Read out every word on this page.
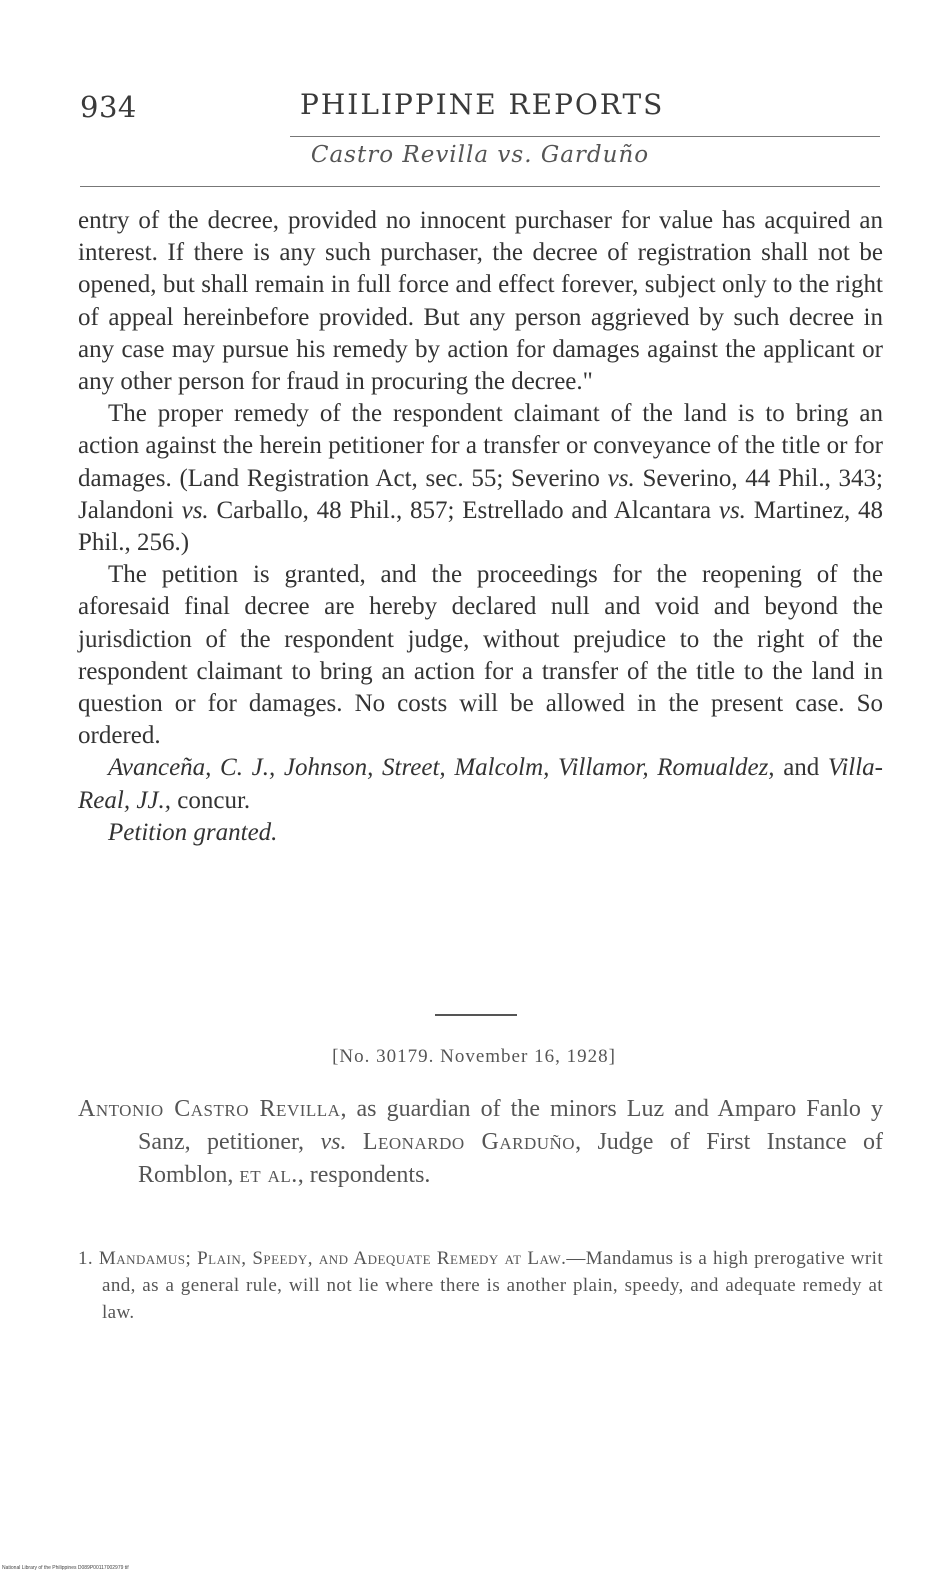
934	PHILIPPINE REPORTS
Castro Revilla vs. Garduño

entry of the decree, provided no innocent purchaser for value has acquired an interest. If there is any such purchaser, the decree of registration shall not be opened, but shall remain in full force and effect forever, subject only to the right of appeal hereinbefore provided. But any person aggrieved by such decree in any case may pursue his remedy by action for damages against the applicant or any other person for fraud in procuring the decree."

The proper remedy of the respondent claimant of the land is to bring an action against the herein petitioner for a transfer or conveyance of the title or for damages. (Land Registration Act, sec. 55; Severino vs. Severino, 44 Phil., 343; Jalandoni vs. Carballo, 48 Phil., 857; Estrellado and Alcantara vs. Martinez, 48 Phil., 256.)

The petition is granted, and the proceedings for the reopening of the aforesaid final decree are hereby declared null and void and beyond the jurisdiction of the respondent judge, without prejudice to the right of the respondent claimant to bring an action for a transfer of the title to the land in question or for damages. No costs will be allowed in the present case. So ordered.

Avanceña, C. J., Johnson, Street, Malcolm, Villamor, Romualdez, and Villa-Real, JJ., concur.

Petition granted.

[No. 30179. November 16, 1928]
Antonio Castro Revilla, as guardian of the minors Luz and Amparo Fanlo y Sanz, petitioner, vs. Leonardo Garduño, Judge of First Instance of Romblon, et al., respondents.
1. Mandamus; Plain, Speedy, and Adequate Remedy at Law.—Mandamus is a high prerogative writ and, as a general rule, will not lie where there is another plain, speedy, and adequate remedy at law.
National Library of the Philippines D089P00117002979 tif
